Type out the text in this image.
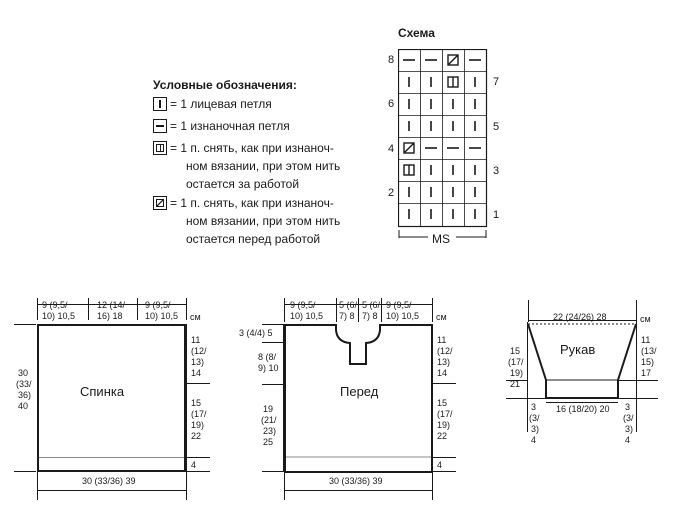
Условные обозначения:
= 1 лицевая петля
= 1 изнаночная петля
= 1 п. снять, как при изнаноч-
ном вязании, при этом нить
остается за работой
= 1 п. снять, как при изнаноч-
ном вязании, при этом нить
остается перед работой
Схема
8
6
4
2
7
5
3
1
MS
9 (9,5/
10) 10,5
12 (14/
16) 18
9 (9,5/
10) 10,5 см
Спинка
30
(33/
36)
40
11
(12/
13)
14
15
(17/
19)
22
4
30 (33/36) 39
9 (9,5/
10) 10,5
5 (6/
7) 8
5 (6/
7) 8
9 (9,5/
10) 10,5 см
Перед
3 (4/4) 5
8 (8/
9) 10
19
(21/
23)
25
11
(12/
13)
14
15
(17/
19)
22
4
30 (33/36) 39
22 (24/26) 28	см
Рукав
15
(17/
19)
21
3
(3/
3)
4
11
(13/
15)
17
3
(3/
3)
4
16 (18/20) 20
